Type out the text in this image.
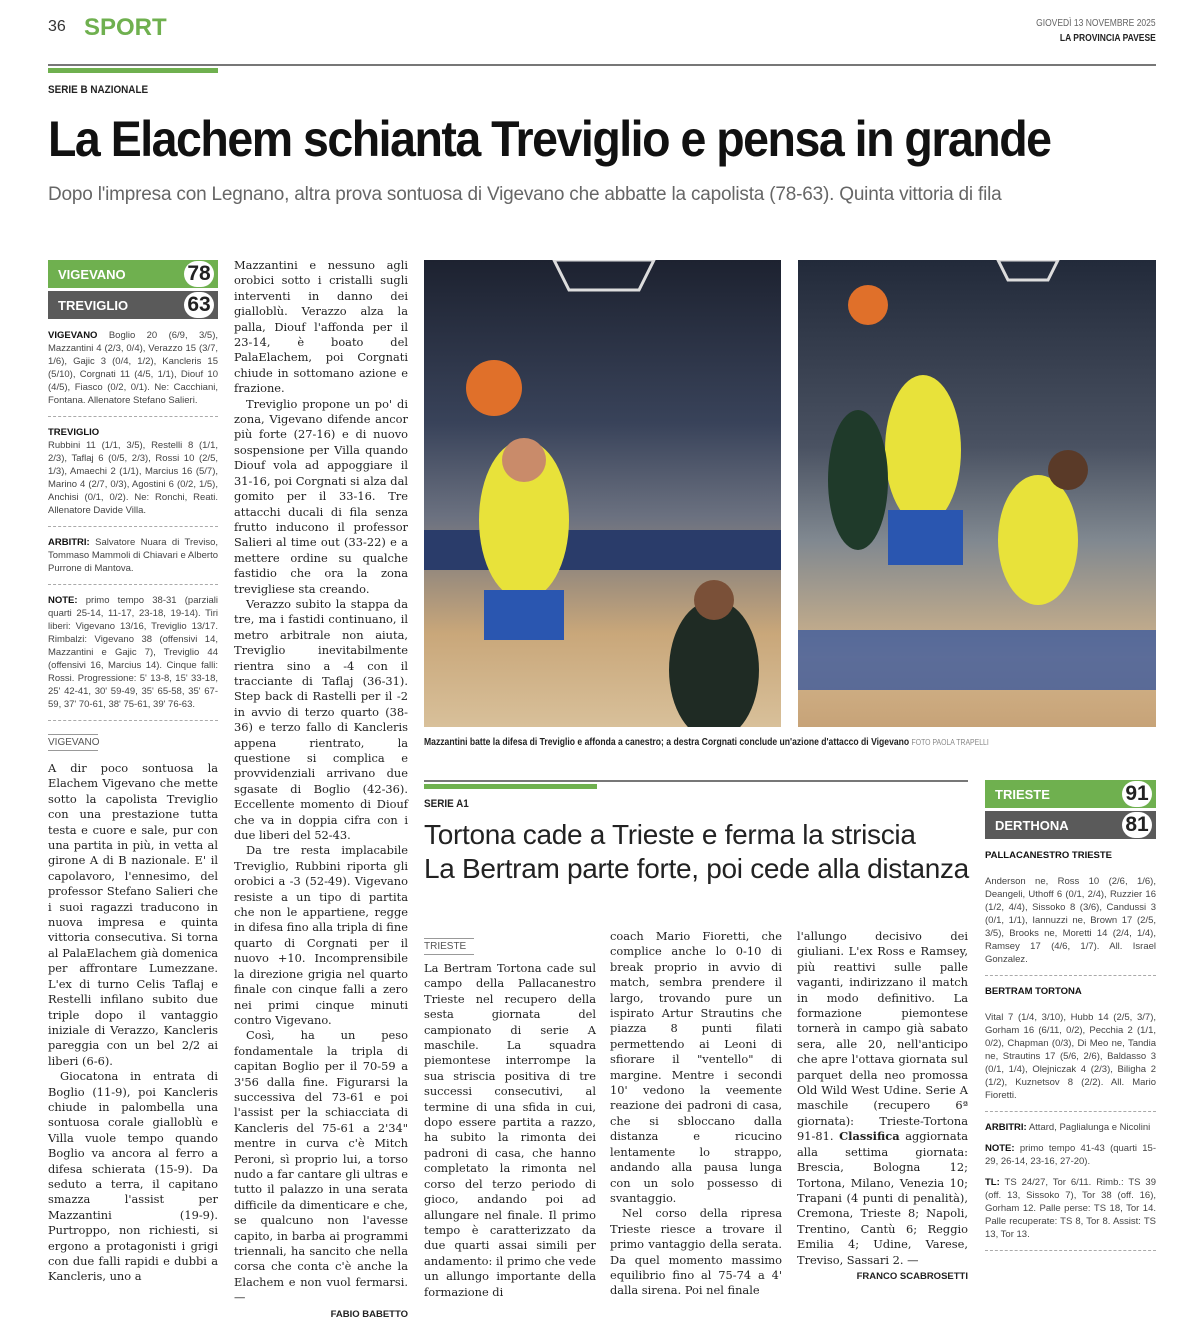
36 SPORT	GIOVEDÌ 13 NOVEMBRE 2025
LA PROVINCIA PAVESE
SERIE B NAZIONALE
La Elachem schianta Treviglio e pensa in grande
Dopo l'impresa con Legnano, altra prova sontuosa di Vigevano che abbatte la capolista (78-63). Quinta vittoria di fila
VIGEVANO	78
TREVIGLIO	63
VIGEVANO Boglio 20 (6/9, 3/5), Mazzantini 4 (2/3, 0/4), Verazzo 15 (3/7, 1/6), Gajic 3 (0/4, 1/2), Kancleris 15 (5/10), Corgnati 11 (4/5, 1/1), Diouf 10 (4/5), Fiasco (0/2, 0/1). Ne: Cacchiani, Fontana. Allenatore Stefano Salieri.
TREVIGLIO
Rubbini 11 (1/1, 3/5), Restelli 8 (1/1, 2/3), Taflaj 6 (0/5, 2/3), Rossi 10 (2/5, 1/3), Amaechi 2 (1/1), Marcius 16 (5/7), Marino 4 (2/7, 0/3), Agostini 6 (0/2, 1/5), Anchisi (0/1, 0/2). Ne: Ronchi, Reati. Allenatore Davide Villa.
ARBITRI: Salvatore Nuara di Treviso, Tommaso Mammoli di Chiavari e Alberto Purrone di Mantova.
NOTE: primo tempo 38-31 (parziali quarti 25-14, 11-17, 23-18, 19-14). Tiri liberi: Vigevano 13/16, Treviglio 13/17. Rimbalzi: Vigevano 38 (offensivi 14, Mazzantini e Gajic 7), Treviglio 44 (offensivi 16, Marcius 14). Cinque falli: Rossi. Progressione: 5' 13-8, 15' 33-18, 25' 42-41, 30' 59-49, 35' 65-58, 35' 67-59, 37' 70-61, 38' 75-61, 39' 76-63.
VIGEVANO

A dir poco sontuosa la Elachem Vigevano che mette sotto la capolista Treviglio con una prestazione tutta testa e cuore e sale, pur con una partita in più, in vetta al girone A di B nazionale. E' il capolavoro, l'ennesimo, del professor Stefano Salieri che i suoi ragazzi traducono in nuova impresa e quinta vittoria consecutiva. Si torna al PalaElachem già domenica per affrontare Lumezzane. L'ex di turno Celis Taflaj e Restelli infilano subito due triple dopo il vantaggio iniziale di Verazzo, Kancleris pareggia con un bel 2/2 ai liberi (6-6).

Giocatona in entrata di Boglio (11-9), poi Kancleris chiude in palombella una sontuosa corale gialloblù e Villa vuole tempo quando Boglio va ancora al ferro a difesa schierata (15-9). Da seduto a terra, il capitano smazza l'assist per Mazzantini (19-9). Purtroppo, non richiesti, si ergono a protagonisti i grigi con due falli rapidi e dubbi a Kancleris, uno a

Mazzantini e nessuno agli orobici sotto i cristalli sugli interventi in danno dei gialloblù. Verazzo alza la palla, Diouf l'affonda per il 23-14, è boato del PalaElachem, poi Corgnati chiude in sottomano azione e frazione.

Treviglio propone un po' di zona, Vigevano difende ancor più forte (27-16) e di nuovo sospensione per Villa quando Diouf vola ad appoggiare il 31-16, poi Corgnati si alza dal gomito per il 33-16. Tre attacchi ducali di fila senza frutto inducono il professor Salieri al time out (33-22) e a mettere ordine su qualche fastidio che ora la zona trevigliese sta creando.

Verazzo subito la stappa da tre, ma i fastidi continuano, il metro arbitrale non aiuta, Treviglio inevitabilmente rientra sino a -4 con il tracciante di Taflaj (36-31). Step back di Rastelli per il -2 in avvio di terzo quarto (38-36) e terzo fallo di Kancleris appena rientrato, la questione si complica e provvidenziali arrivano due sgasate di Boglio (42-36). Eccellente momento di Diouf che va in doppia cifra con i due liberi del 52-43.

Da tre resta implacabile Treviglio, Rubbini riporta gli orobici a -3 (52-49). Vigevano resiste a un tipo di partita che non le appartiene, regge in difesa fino alla tripla di fine quarto di Corgnati per il nuovo +10. Incomprensibile la direzione grigia nel quarto finale con cinque falli a zero nei primi cinque minuti contro Vigevano.

Così, ha un peso fondamentale la tripla di capitan Boglio per il 70-59 a 3'56 dalla fine. Figurarsi la successiva del 73-61 e poi l'assist per la schiacciata di Kancleris del 75-61 a 2'34" mentre in curva c'è Mitch Peroni, sì proprio lui, a torso nudo a far cantare gli ultras e tutto il palazzo in una serata difficile da dimenticare e che, se qualcuno non l'avesse capito, in barba ai programmi triennali, ha sancito che nella corsa che conta c'è anche la Elachem e non vuol fermarsi. —

FABIO BABETTO
Mazzantini batte la difesa di Treviglio e affonda a canestro; a destra Corgnati conclude un'azione d'attacco di Vigevano FOTO PAOLA TRAPELLI
SERIE A1
Tortona cade a Trieste e ferma la striscia
La Bertram parte forte, poi cede alla distanza
TRIESTE

La Bertram Tortona cade sul campo della Pallacanestro Trieste nel recupero della sesta giornata del campionato di serie A maschile. La squadra piemontese interrompe la sua striscia positiva di tre successi consecutivi, al termine di una sfida in cui, dopo essere partita a razzo, ha subito la rimonta dei padroni di casa, che hanno completato la rimonta nel corso del terzo periodo di gioco, andando poi ad allungare nel finale. Il primo tempo è caratterizzato da due quarti assai simili per andamento: il primo che vede un allungo importante della formazione di

coach Mario Fioretti, che complice anche lo 0-10 di break proprio in avvio di match, sembra prendere il largo, trovando pure un ispirato Artur Strautins che piazza 8 punti filati permettendo ai Leoni di sfiorare il "ventello" di margine. Mentre i secondi 10' vedono la veemente reazione dei padroni di casa, che si sbloccano dalla distanza e ricucino lentamente lo strappo, andando alla pausa lunga con un solo possesso di svantaggio.

Nel corso della ripresa Trieste riesce a trovare il primo vantaggio della serata. Da quel momento massimo equilibrio fino al 75-74 a 4' dalla sirena. Poi nel finale

l'allungo decisivo dei giuliani. L'ex Ross e Ramsey, più reattivi sulle palle vaganti, indirizzano il match in modo definitivo. La formazione piemontese tornerà in campo già sabato sera, alle 20, nell'anticipo che apre l'ottava giornata sul parquet della neo promossa Old Wild West Udine. Serie A maschile (recupero 6ª giornata): Trieste-Tortona 91-81. Classifica aggiornata alla settima giornata: Brescia, Bologna 12; Tortona, Milano, Venezia 10; Trapani (4 punti di penalità), Cremona, Trieste 8; Napoli, Trentino, Cantù 6; Reggio Emilia 4; Udine, Varese, Treviso, Sassari 2. —

FRANCO SCABROSETTI
TRIESTE	91
DERTHONA	81
PALLACANESTRO TRIESTE

Anderson ne, Ross 10 (2/6, 1/6), Deangeli, Uthoff 6 (0/1, 2/4), Ruzzier 16 (1/2, 4/4), Sissoko 8 (3/6), Candussi 3 (0/1, 1/1), Iannuzzi ne, Brown 17 (2/5, 3/5), Brooks ne, Moretti 14 (2/4, 1/4), Ramsey 17 (4/6, 1/7). All. Israel Gonzalez.
BERTRAM TORTONA

Vital 7 (1/4, 3/10), Hubb 14 (2/5, 3/7), Gorham 16 (6/11, 0/2), Pecchia 2 (1/1, 0/2), Chapman (0/3), Di Meo ne, Tandia ne, Strautins 17 (5/6, 2/6), Baldasso 3 (0/1, 1/4), Olejniczak 4 (2/3), Biligha 2 (1/2), Kuznetsov 8 (2/2). All. Mario Fioretti.
ARBITRI: Attard, Paglialunga e Nicolini
NOTE: primo tempo 41-43 (quarti 15-29, 26-14, 23-16, 27-20).
TL: TS 24/27, Tor 6/11. Rimb.: TS 39 (off. 13, Sissoko 7), Tor 38 (off. 16), Gorham 12. Palle perse: TS 18, Tor 14. Palle recuperate: TS 8, Tor 8. Assist: TS 13, Tor 13.
